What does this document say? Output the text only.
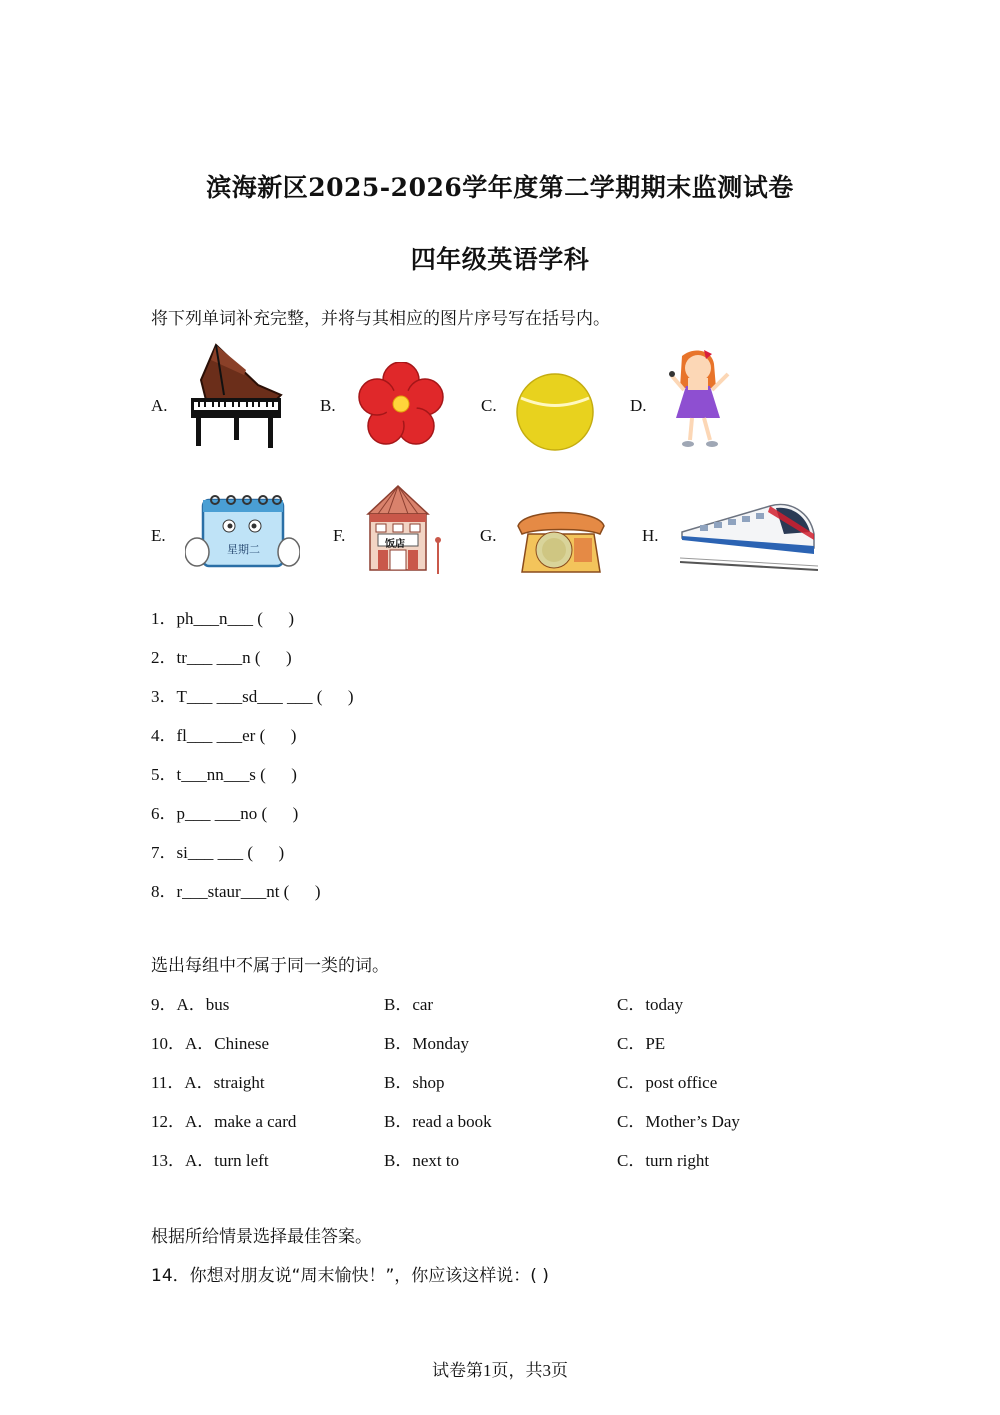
滨海新区2025-2026学年度第二学期期末监测试卷
四年级英语学科
将下列单词补充完整，并将与其相应的图片序号写在括号内。
A.	B.	C.	D.
E.	F.	G.	H.
星期二	饭店
1．ph___n___ (      )
2．tr___ ___n (      )
3．T___ ___sd___ ___ (      )
4．fl___ ___er (      )
5．t___nn___s (      )
6．p___ ___no (      )
7．si___ ___ (      )
8．r___staur___nt (      )
选出每组中不属于同一类的词。
9．A．bus	B．car	C．today
10．A．Chinese	B．Monday	C．PE
11．A．straight	B．shop	C．post office
12．A．make a card	B．read a book	C．Mother’s Day
13．A．turn left	B．next to	C．turn right
根据所给情景选择最佳答案。
14．你想对朋友说“周末愉快！”，你应该这样说：( )
试卷第1页，共3页
